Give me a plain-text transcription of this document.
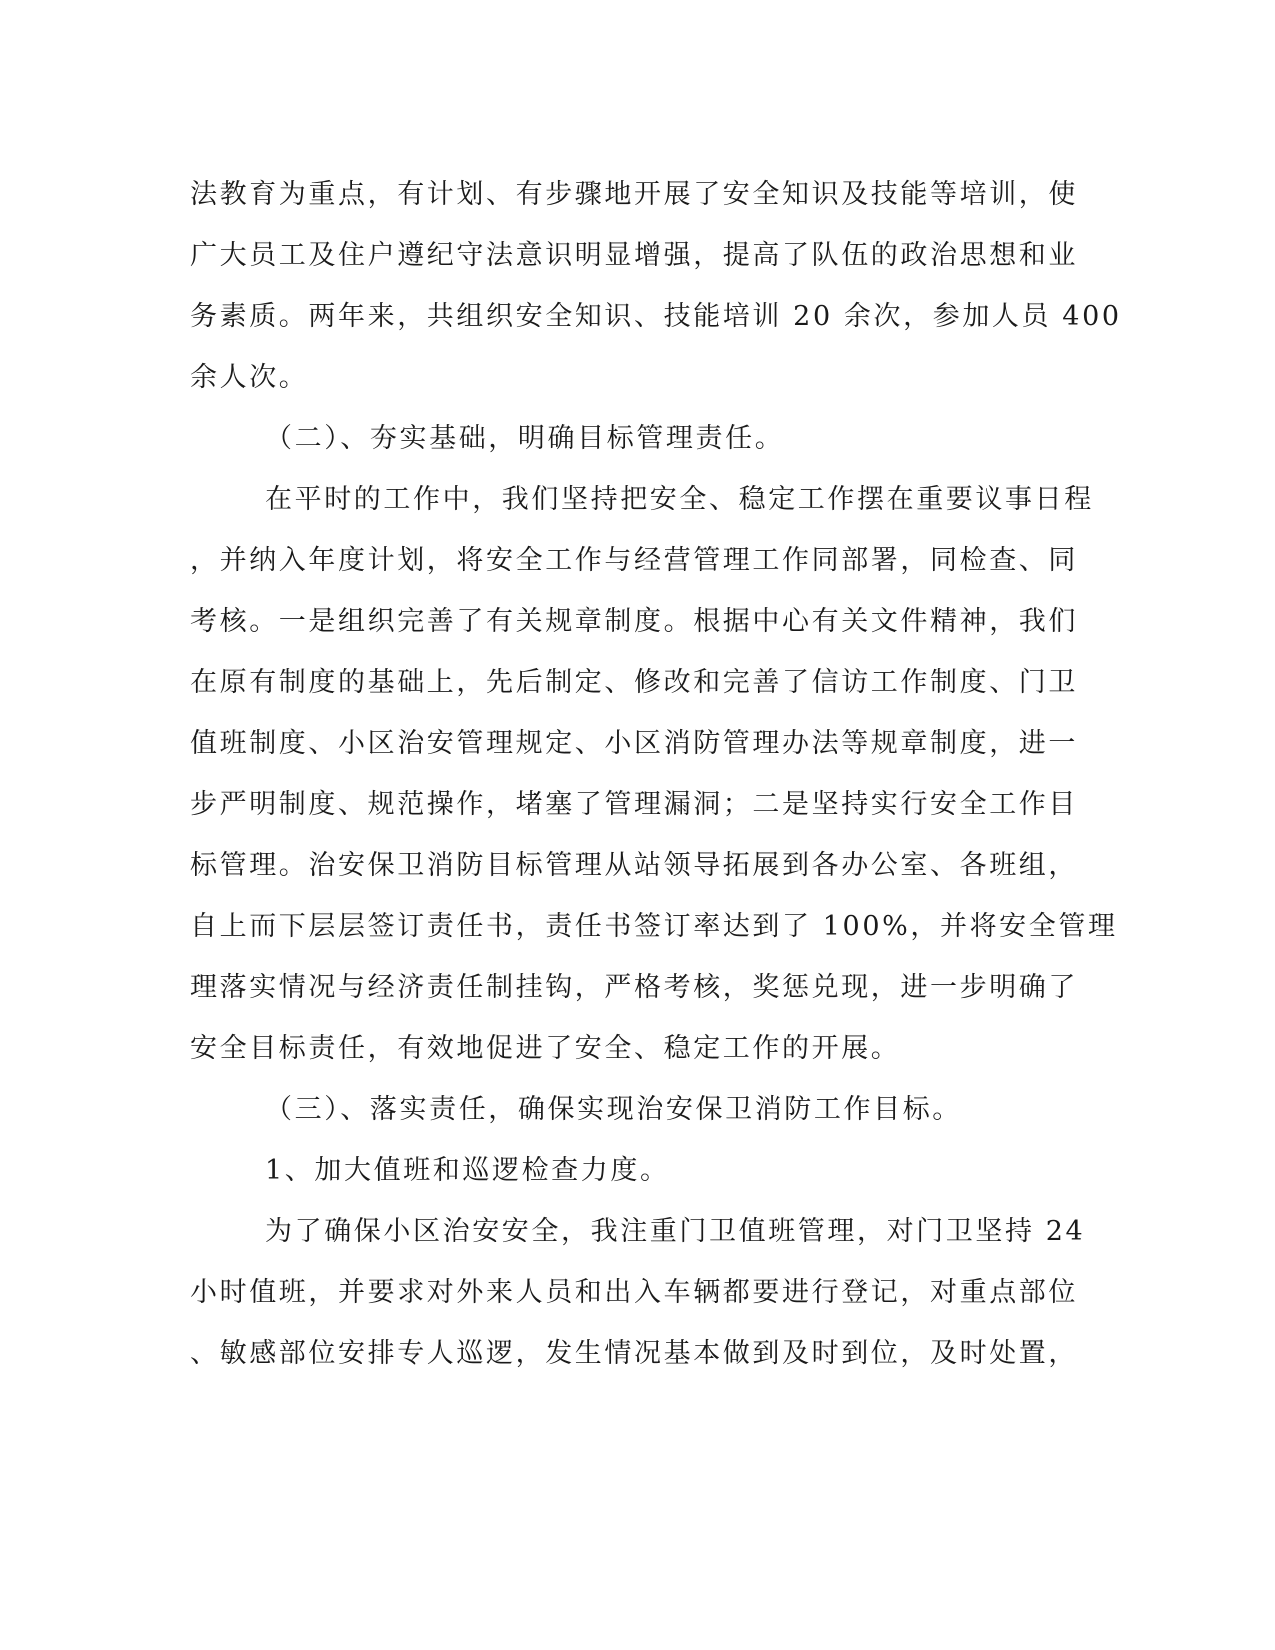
法教育为重点，有计划、有步骤地开展了安全知识及技能等培训，使
广大员工及住户遵纪守法意识明显增强，提高了队伍的政治思想和业
务素质。两年来，共组织安全知识、技能培训 20 余次，参加人员 400
余人次。
（二）、夯实基础，明确目标管理责任。
在平时的工作中，我们坚持把安全、稳定工作摆在重要议事日程
，并纳入年度计划，将安全工作与经营管理工作同部署，同检查、同
考核。一是组织完善了有关规章制度。根据中心有关文件精神，我们
在原有制度的基础上，先后制定、修改和完善了信访工作制度、门卫
值班制度、小区治安管理规定、小区消防管理办法等规章制度，进一
步严明制度、规范操作，堵塞了管理漏洞；二是坚持实行安全工作目
标管理。治安保卫消防目标管理从站领导拓展到各办公室、各班组，
自上而下层层签订责任书，责任书签订率达到了 100%，并将安全管理
理落实情况与经济责任制挂钩，严格考核，奖惩兑现，进一步明确了
安全目标责任，有效地促进了安全、稳定工作的开展。
（三）、落实责任，确保实现治安保卫消防工作目标。
1、加大值班和巡逻检查力度。
为了确保小区治安安全，我注重门卫值班管理，对门卫坚持 24
小时值班，并要求对外来人员和出入车辆都要进行登记，对重点部位
、敏感部位安排专人巡逻，发生情况基本做到及时到位，及时处置，
